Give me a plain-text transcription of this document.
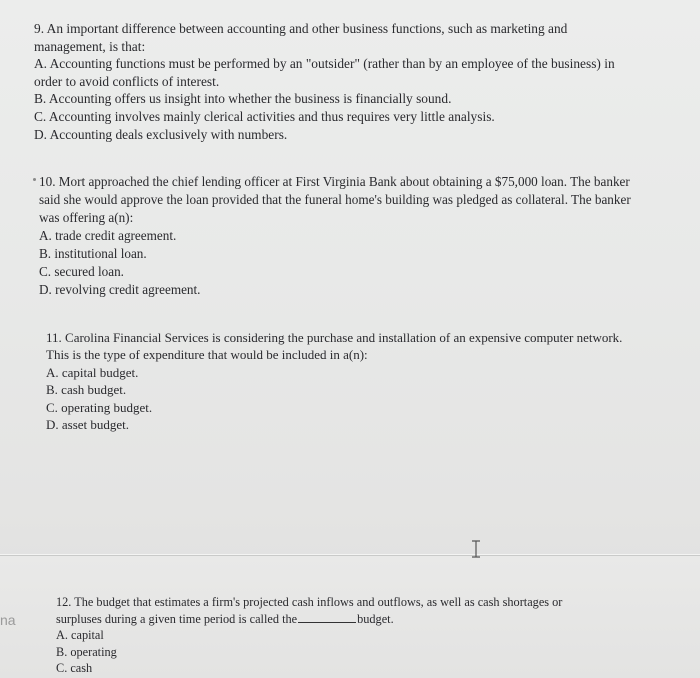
9. An important difference between accounting and other business functions, such as marketing and

management, is that:

A. Accounting functions must be performed by an "outsider" (rather than by an employee of the business) in

order to avoid conflicts of interest.

B. Accounting offers us insight into whether the business is financially sound.

C. Accounting involves mainly clerical activities and thus requires very little analysis.

D. Accounting deals exclusively with numbers.

10. Mort approached the chief lending officer at First Virginia Bank about obtaining a $75,000 loan. The banker

said she would approve the loan provided that the funeral home's building was pledged as collateral. The banker

was offering a(n):

A. trade credit agreement.

B. institutional loan.

C. secured loan.

D. revolving credit agreement.

11. Carolina Financial Services is considering the purchase and installation of an expensive computer network.

This is the type of expenditure that would be included in a(n):

A. capital budget.

B. cash budget.

C. operating budget.

D. asset budget.

12. The budget that estimates a firm's projected cash inflows and outflows, as well as cash shortages or

surpluses during a given time period is called the	budget.

A. capital

B. operating

C. cash

na
